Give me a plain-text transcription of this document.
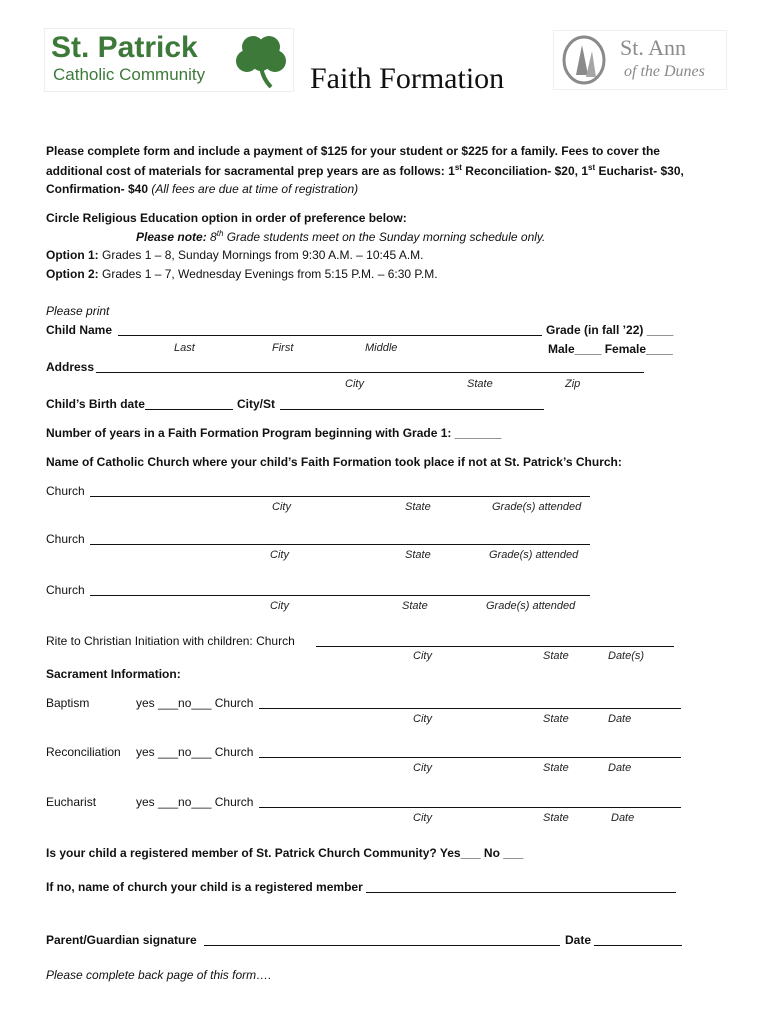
St. Patrick
Catholic Community
St. Ann
of the Dunes
Faith Formation
Please complete form and include a payment of $125 for your student or $225 for a family. Fees to cover the
additional cost of materials for sacramental prep years are as follows: 1st Reconciliation- $20, 1st Eucharist- $30,
Confirmation- $40 (All fees are due at time of registration)
Circle Religious Education option in order of preference below:
Please note: 8th Grade students meet on the Sunday morning schedule only.
Option 1: Grades 1 – 8, Sunday Mornings from 9:30 A.M. – 10:45 A.M.
Option 2: Grades 1 – 7, Wednesday Evenings from 5:15 P.M. – 6:30 P.M.
Please print
Child Name	Grade (in fall ’22) ____
Last	First	Middle	Male____ Female____
Address
City	State	Zip
Child’s Birth date	City/St
Number of years in a Faith Formation Program beginning with Grade 1: _______
Name of Catholic Church where your child’s Faith Formation took place if not at St. Patrick’s Church:
Church
City	State	Grade(s) attended
Church
City	State	Grade(s) attended
Church
City	State	Grade(s) attended
Rite to Christian Initiation with children: Church
City	State	Date(s)
Sacrament Information:
Baptism	yes ___no___ Church
City	State	Date
Reconciliation yes ___no___ Church
City	State	Date
Eucharist	yes ___no___ Church
City	State	Date
Is your child a registered member of St. Patrick Church Community? Yes___ No ___
If no, name of church your child is a registered member
Parent/Guardian signature	Date
Please complete back page of this form….
